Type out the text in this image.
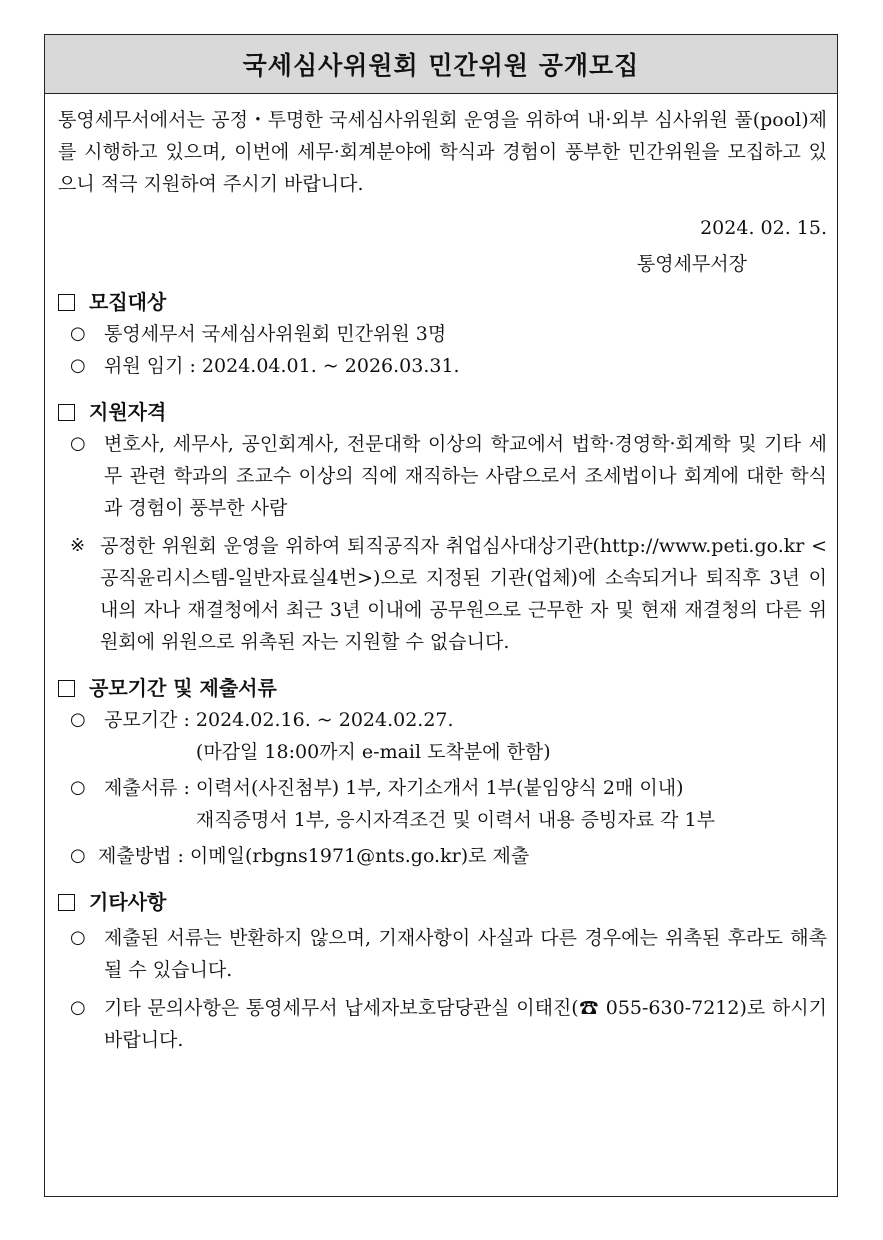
국세심사위원회 민간위원 공개모집

통영세무서에서는 공정・투명한 국세심사위원회 운영을 위하여 내·외부 심사위원 풀(pool)제를 시행하고 있으며, 이번에 세무·회계분야에 학식과 경험이 풍부한 민간위원을 모집하고 있으니 적극 지원하여 주시기 바랍니다.

2024. 02. 15.
통영세무서장
모집대상
○ 통영세무서 국세심사위원회 민간위원 3명
○ 위원 임기 : 2024.04.01. ~ 2026.03.31.
지원자격
○ 변호사, 세무사, 공인회계사, 전문대학 이상의 학교에서 법학·경영학·회계학 및 기타 세무 관련 학과의 조교수 이상의 직에 재직하는 사람으로서 조세법이나 회계에 대한 학식과 경험이 풍부한 사람
※ 공정한 위원회 운영을 위하여 퇴직공직자 취업심사대상기관(http://www.peti.go.kr <공직윤리시스템-일반자료실4번>)으로 지정된 기관(업체)에 소속되거나 퇴직후 3년 이내의 자나 재결청에서 최근 3년 이내에 공무원으로 근무한 자 및 현재 재결청의 다른 위원회에 위원으로 위촉된 자는 지원할 수 없습니다.
공모기간 및 제출서류
○ 공모기간 : 2024.02.16. ~ 2024.02.27.
(마감일 18:00까지 e-mail 도착분에 한함)
○ 제출서류 : 이력서(사진첨부) 1부, 자기소개서 1부(붙임양식 2매 이내)
재직증명서 1부, 응시자격조건 및 이력서 내용 증빙자료 각 1부
○ 제출방법 : 이메일(rbgns1971@nts.go.kr)로 제출
기타사항
○ 제출된 서류는 반환하지 않으며, 기재사항이 사실과 다른 경우에는 위촉된 후라도 해촉될 수 있습니다.
○ 기타 문의사항은 통영세무서 납세자보호담당관실 이태진(☎ 055-630-7212)로 하시기 바랍니다.
